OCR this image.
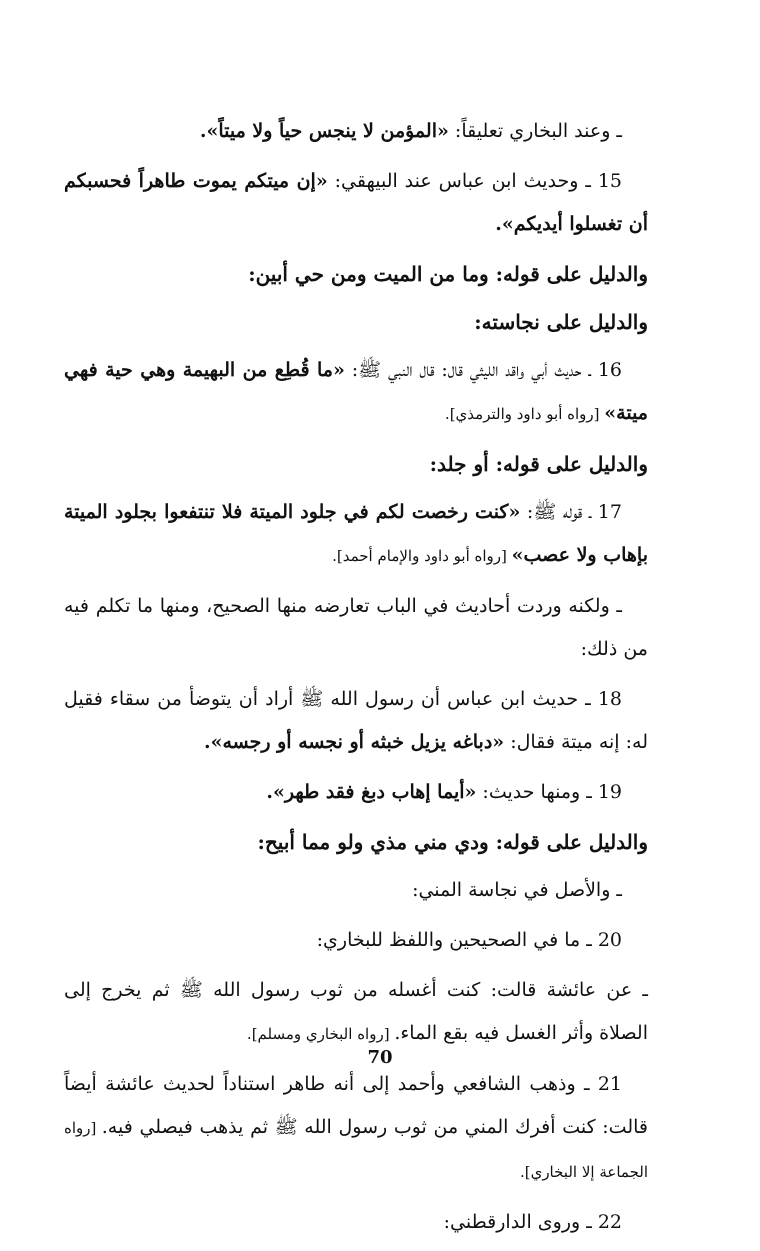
ـ وعند البخاري تعليقاً: «المؤمن لا ينجس حياً ولا ميتاً».

15 ـ وحديث ابن عباس عند البيهقي: «إن ميتكم يموت طاهراً فحسبكم أن تغسلوا أيديكم».

والدليل على قوله: وما من الميت ومن حي أبين:

والدليل على نجاسته:

16 ـ حديث أبي واقد الليثي قال: قال النبي ﷺ: «ما قُطِع من البهيمة وهي حية فهي ميتة» [رواه أبو داود والترمذي].

والدليل على قوله: أو جلد:

17 ـ قوله ﷺ: «كنت رخصت لكم في جلود الميتة فلا تنتفعوا بجلود الميتة بإهاب ولا عصب» [رواه أبو داود والإمام أحمد].

ـ ولكنه وردت أحاديث في الباب تعارضه منها الصحيح، ومنها ما تكلم فيه من ذلك:

18 ـ حديث ابن عباس أن رسول الله ﷺ أراد أن يتوضأ من سقاء فقيل له: إنه ميتة فقال: «دباغه يزيل خبثه أو نجسه أو رجسه».

19 ـ ومنها حديث: «أيما إهاب دبغ فقد طهر».

والدليل على قوله: ودي مني مذي ولو مما أبيح:

ـ والأصل في نجاسة المني:

20 ـ ما في الصحيحين واللفظ للبخاري:

ـ عن عائشة قالت: كنت أغسله من ثوب رسول الله ﷺ ثم يخرج إلى الصلاة وأثر الغسل فيه بقع الماء. [رواه البخاري ومسلم].

21 ـ وذهب الشافعي وأحمد إلى أنه طاهر استناداً لحديث عائشة أيضاً قالت: كنت أفرك المني من ثوب رسول الله ﷺ ثم يذهب فيصلي فيه. [رواه الجماعة إلا البخاري].

22 ـ وروى الدارقطني:

70
